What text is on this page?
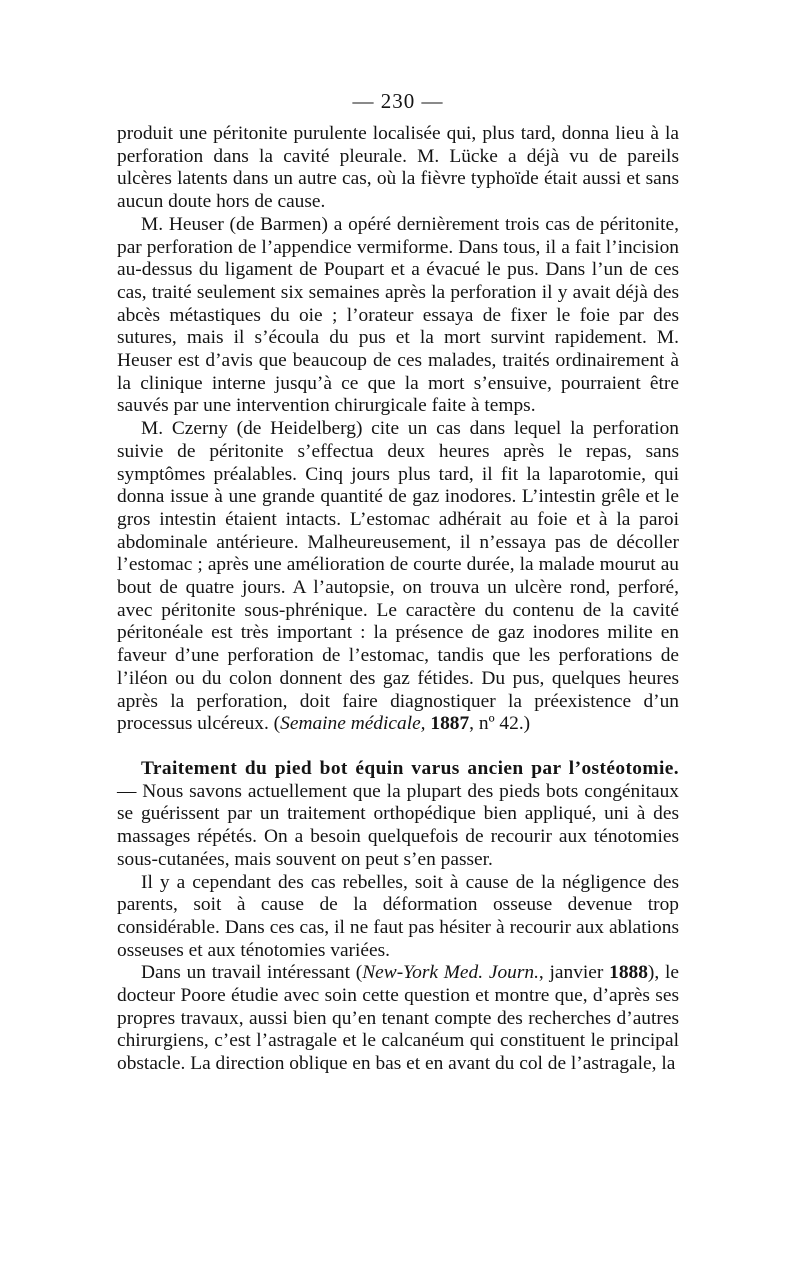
— 230 —

produit une péritonite purulente localisée qui, plus tard, donna lieu à la perforation dans la cavité pleurale. M. Lücke a déjà vu de pareils ulcères latents dans un autre cas, où la fièvre typhoïde était aussi et sans aucun doute hors de cause.

M. Heuser (de Barmen) a opéré dernièrement trois cas de péritonite, par perforation de l’appendice vermiforme. Dans tous, il a fait l’incision au-dessus du ligament de Poupart et a évacué le pus. Dans l’un de ces cas, traité seulement six semaines après la perforation il y avait déjà des abcès métastiques du oie ; l’orateur essaya de fixer le foie par des sutures, mais il s’écoula du pus et la mort survint rapidement. M. Heuser est d’avis que beaucoup de ces malades, traités ordinairement à la clinique interne jusqu’à ce que la mort s’ensuive, pourraient être sauvés par une intervention chirurgicale faite à temps.

M. Czerny (de Heidelberg) cite un cas dans lequel la perforation suivie de péritonite s’effectua deux heures après le repas, sans symptômes préalables. Cinq jours plus tard, il fit la laparotomie, qui donna issue à une grande quantité de gaz inodores. L’intestin grêle et le gros intestin étaient intacts. L’estomac adhérait au foie et à la paroi abdominale antérieure. Malheureusement, il n’essaya pas de décoller l’estomac ; après une amélioration de courte durée, la malade mourut au bout de quatre jours. A l’autopsie, on trouva un ulcère rond, perforé, avec péritonite sous-phrénique. Le caractère du contenu de la cavité péritonéale est très important : la présence de gaz inodores milite en faveur d’une perforation de l’estomac, tandis que les perforations de l’iléon ou du colon donnent des gaz fétides. Du pus, quelques heures après la perforation, doit faire diagnostiquer la préexistence d’un processus ulcéreux. (Semaine médicale, 1887, nº 42.)

Traitement du pied bot équin varus ancien par l’ostéotomie. — Nous savons actuellement que la plupart des pieds bots congénitaux se guérissent par un traitement orthopédique bien appliqué, uni à des massages répétés. On a besoin quelquefois de recourir aux ténotomies sous-cutanées, mais souvent on peut s’en passer.

Il y a cependant des cas rebelles, soit à cause de la négligence des parents, soit à cause de la déformation osseuse devenue trop considérable. Dans ces cas, il ne faut pas hésiter à recourir aux ablations osseuses et aux ténotomies variées.

Dans un travail intéressant (New-York Med. Journ., janvier 1888), le docteur Poore étudie avec soin cette question et montre que, d’après ses propres travaux, aussi bien qu’en tenant compte des recherches d’autres chirurgiens, c’est l’astragale et le calcanéum qui constituent le principal obstacle. La direction oblique en bas et en avant du col de l’astragale, la
